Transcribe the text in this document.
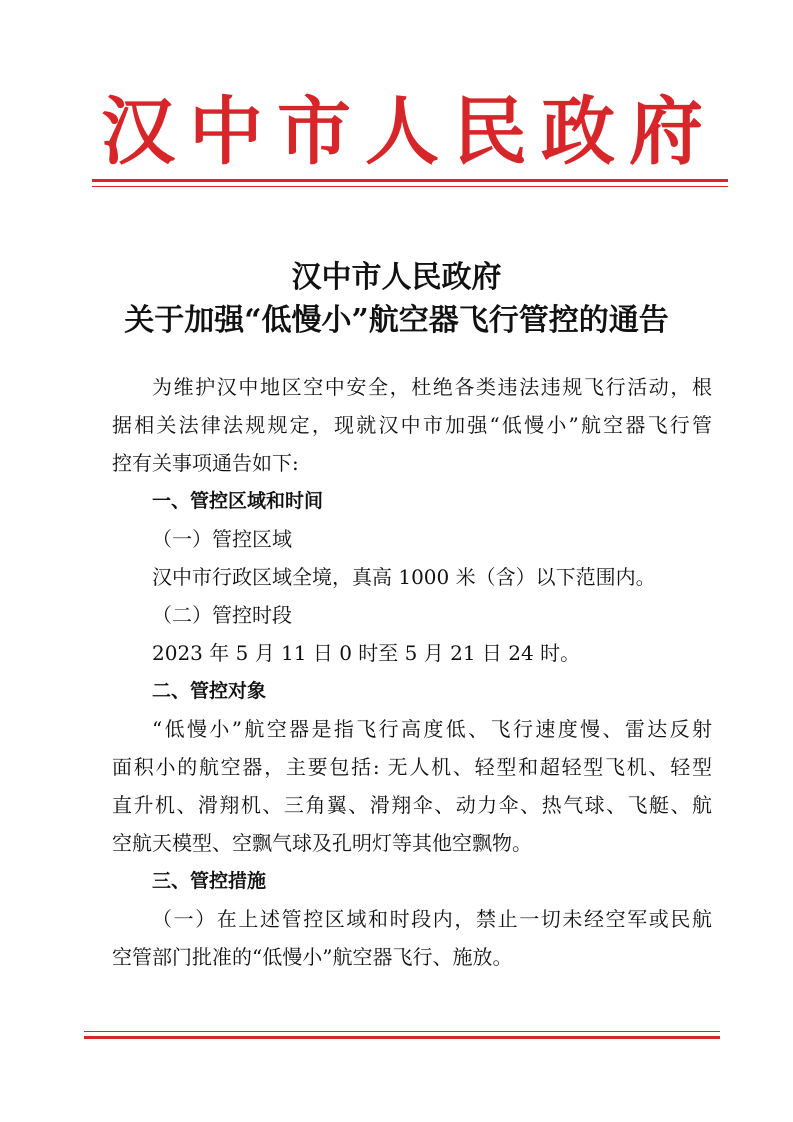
汉中市人民政府
汉中市人民政府
关于加强“低慢小”航空器飞行管控的通告
为维护汉中地区空中安全，杜绝各类违法违规飞行活动，根
据相关法律法规规定，现就汉中市加强“低慢小”航空器飞行管
控有关事项通告如下:
一、管控区域和时间
（一）管控区域
汉中市行政区域全境，真高 1000 米（含）以下范围内。
（二）管控时段
2023 年 5 月 11 日 0 时至 5 月 21 日 24 时。
二、管控对象
“低慢小”航空器是指飞行高度低、飞行速度慢、雷达反射
面积小的航空器，主要包括: 无人机、轻型和超轻型飞机、轻型
直升机、滑翔机、三角翼、滑翔伞、动力伞、热气球、飞艇、航
空航天模型、空飘气球及孔明灯等其他空飘物。
三、管控措施
（一）在上述管控区域和时段内，禁止一切未经空军或民航
空管部门批准的“低慢小”航空器飞行、施放。
